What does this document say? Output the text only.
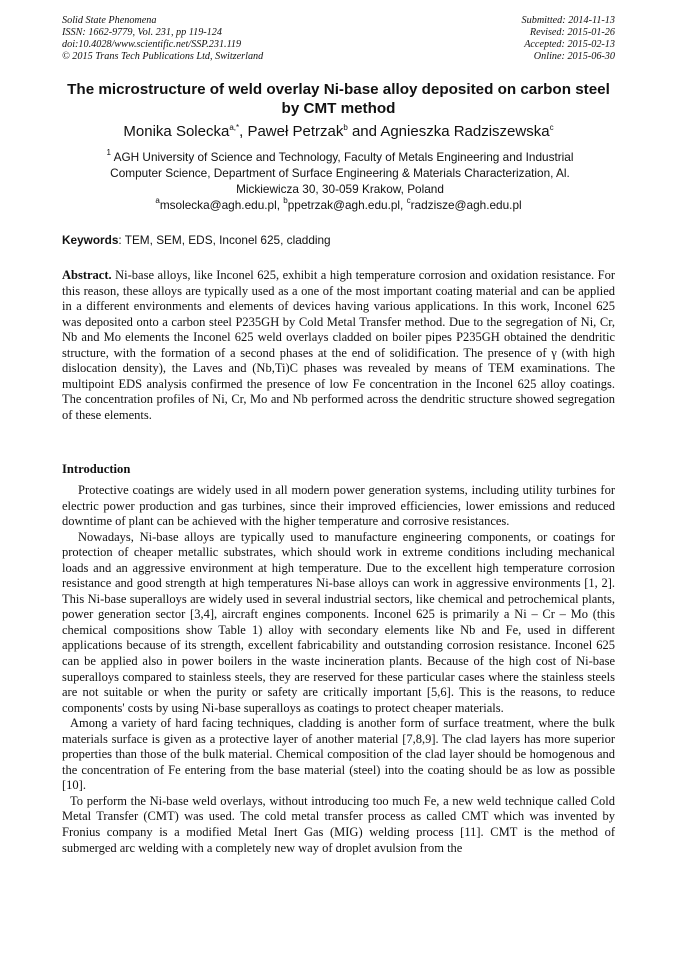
Solid State Phenomena
ISSN: 1662-9779, Vol. 231, pp 119-124
doi:10.4028/www.scientific.net/SSP.231.119
© 2015 Trans Tech Publications Ltd, Switzerland
Submitted: 2014-11-13
Revised: 2015-01-26
Accepted: 2015-02-13
Online: 2015-06-30
The microstructure of weld overlay Ni-base alloy deposited on carbon steel by CMT method
Monika Solecka$^{a,*}$, Paweł Petrzak$^b$ and Agnieszka Radziszewska$^c$
$^1$ AGH University of Science and Technology, Faculty of Metals Engineering and Industrial Computer Science, Department of Surface Engineering & Materials Characterization, Al. Mickiewicza 30, 30-059 Krakow, Poland
$^a$msolecka@agh.edu.pl, $^b$ppetrzak@agh.edu.pl, $^c$radzisze@agh.edu.pl
Keywords: TEM, SEM, EDS, Inconel 625, cladding
Abstract. Ni-base alloys, like Inconel 625, exhibit a high temperature corrosion and oxidation resistance. For this reason, these alloys are typically used as a one of the most important coating material and can be applied in a different environments and elements of devices having various applications. In this work, Inconel 625 was deposited onto a carbon steel P235GH by Cold Metal Transfer method. Due to the segregation of Ni, Cr, Nb and Mo elements the Inconel 625 weld overlays cladded on boiler pipes P235GH obtained the dendritic structure, with the formation of a second phases at the end of solidification. The presence of γ (with high dislocation density), the Laves and (Nb,Ti)C phases was revealed by means of TEM examinations. The multipoint EDS analysis confirmed the presence of low Fe concentration in the Inconel 625 alloy coatings. The concentration profiles of Ni, Cr, Mo and Nb performed across the dendritic structure showed segregation of these elements.
Introduction

Protective coatings are widely used in all modern power generation systems, including utility turbines for electric power production and gas turbines, since their improved efficiencies, lower emissions and reduced downtime of plant can be achieved with the higher temperature and corrosive resistances.

Nowadays, Ni-base alloys are typically used to manufacture engineering components, or coatings for protection of cheaper metallic substrates, which should work in extreme conditions including mechanical loads and an aggressive environment at high temperature. Due to the excellent high temperature corrosion resistance and good strength at high temperatures Ni-base alloys can work in aggressive environments [1, 2]. This Ni-base superalloys are widely used in several industrial sectors, like chemical and petrochemical plants, power generation sector [3,4], aircraft engines components. Inconel 625 is primarily a Ni – Cr – Mo (this chemical compositions show Table 1) alloy with secondary elements like Nb and Fe, used in different applications because of its strength, excellent fabricability and outstanding corrosion resistance. Inconel 625 can be applied also in power boilers in the waste incineration plants. Because of the high cost of Ni-base superalloys compared to stainless steels, they are reserved for these particular cases where the stainless steels are not suitable or when the purity or safety are critically important [5,6]. This is the reasons, to reduce components' costs by using Ni-base superalloys as coatings to protect cheaper materials.

Among a variety of hard facing techniques, cladding is another form of surface treatment, where the bulk materials surface is given as a protective layer of another material [7,8,9]. The clad layers has more superior properties than those of the bulk material. Chemical composition of the clad layer should be homogenous and the concentration of Fe entering from the base material (steel) into the coating should be as low as possible [10].

To perform the Ni-base weld overlays, without introducing too much Fe, a new weld technique called Cold Metal Transfer (CMT) was used. The cold metal transfer process as called CMT which was invented by Fronius company is a modified Metal Inert Gas (MIG) welding process [11]. CMT is the method of submerged arc welding with a completely new way of droplet avulsion from the
